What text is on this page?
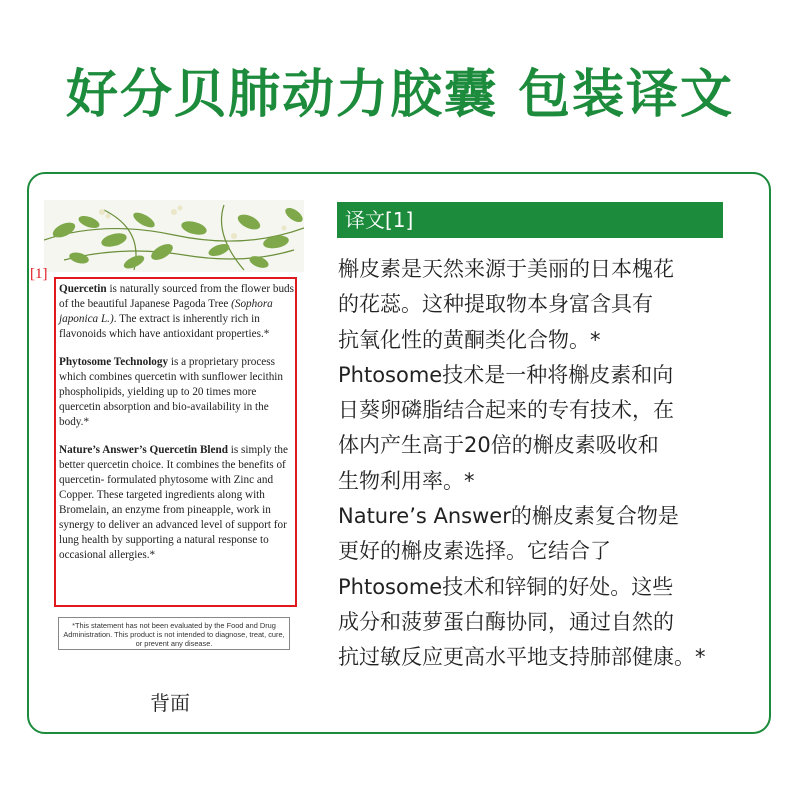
好分贝肺动力胶囊 包装译文
[1]

Quercetin is naturally sourced from the flower buds of the beautiful Japanese Pagoda Tree (Sophora japonica L.). The extract is inherently rich in flavonoids which have antioxidant properties.*

Phytosome Technology is a proprietary process which combines quercetin with sunflower lecithin phospholipids, yielding up to 20 times more quercetin absorption and bio-availability in the body.*

Nature’s Answer’s Quercetin Blend is simply the better quercetin choice. It combines the benefits of quercetin- formulated phytosome with Zinc and Copper. These targeted ingredients along with Bromelain, an enzyme from pineapple, work in synergy to deliver an advanced level of support for lung health by supporting a natural response to occasional allergies.*

*This statement has not been evaluated by the Food and Drug Administration. This product is not intended to diagnose, treat, cure, or prevent any disease.
背面
译文[1]
槲皮素是天然来源于美丽的日本槐花
的花蕊。这种提取物本身富含具有
抗氧化性的黄酮类化合物。*
Phtosome技术是一种将槲皮素和向
日葵卵磷脂结合起来的专有技术，在
体内产生高于20倍的槲皮素吸收和
生物利用率。*
Nature’s Answer的槲皮素复合物是
更好的槲皮素选择。它结合了
Phtosome技术和锌铜的好处。这些
成分和菠萝蛋白酶协同，通过自然的
抗过敏反应更高水平地支持肺部健康。*
